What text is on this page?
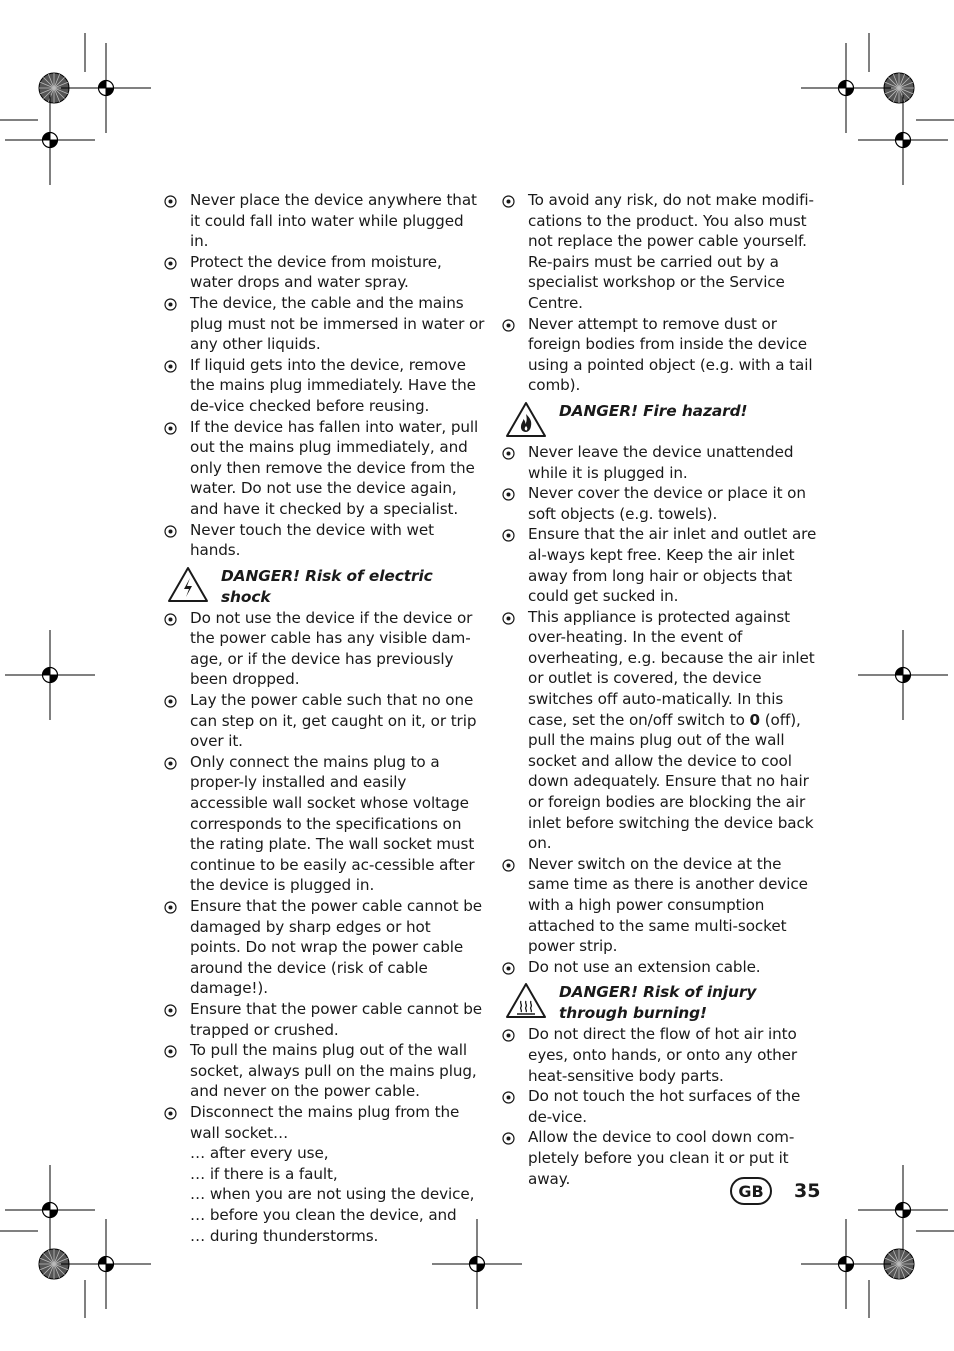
Never place the device anywhere that it could fall into water while plugged in.
Protect the device from moisture, water drops and water spray.
The device, the cable and the mains plug must not be immersed in water or any other liquids.
If liquid gets into the device, remove the mains plug immediately. Have the de-vice checked before reusing.
If the device has fallen into water, pull out the mains plug immediately, and only then remove the device from the water. Do not use the device again, and have it checked by a specialist.
Never touch the device with wet hands.
DANGER! Risk of electric
shock
Do not use the device if the device or the power cable has any visible dam-age, or if the device has previously been dropped.
Lay the power cable such that no one can step on it, get caught on it, or trip over it.
Only connect the mains plug to a proper-ly installed and easily accessible wall socket whose voltage corresponds to the specifications on the rating plate. The wall socket must continue to be easily ac-cessible after the device is plugged in.
Ensure that the power cable cannot be damaged by sharp edges or hot points. Do not wrap the power cable around the device (risk of cable damage!).
Ensure that the power cable cannot be trapped or crushed.
To pull the mains plug out of the wall socket, always pull on the mains plug, and never on the power cable.
Disconnect the mains plug from the wall socket…
… after every use,
… if there is a fault,
… when you are not using the device,
… before you clean the device, and
… during thunderstorms.
To avoid any risk, do not make modifi-cations to the product. You also must not replace the power cable yourself. Re-pairs must be carried out by a specialist workshop or the Service Centre.
Never attempt to remove dust or foreign bodies from inside the device using a pointed object (e.g. with a tail comb).
DANGER! Fire hazard!
Never leave the device unattended while it is plugged in.
Never cover the device or place it on soft objects (e.g. towels).
Ensure that the air inlet and outlet are al-ways kept free. Keep the air inlet away from long hair or objects that could get sucked in.
This appliance is protected against over-heating. In the event of overheating, e.g. because the air inlet or outlet is covered, the device switches off auto-matically. In this case, set the on/off switch to 0 (off), pull the mains plug out of the wall socket and allow the device to cool down adequately. Ensure that no hair or foreign bodies are blocking the air inlet before switching the device back on.
Never switch on the device at the same time as there is another device with a high power consumption attached to the same multi-socket power strip.
Do not use an extension cable.
DANGER! Risk of injury
through burning!
Do not direct the flow of hot air into eyes, onto hands, or onto any other heat-sensitive body parts.
Do not touch the hot surfaces of the de-vice.
Allow the device to cool down com-pletely before you clean it or put it away.
GB	35
